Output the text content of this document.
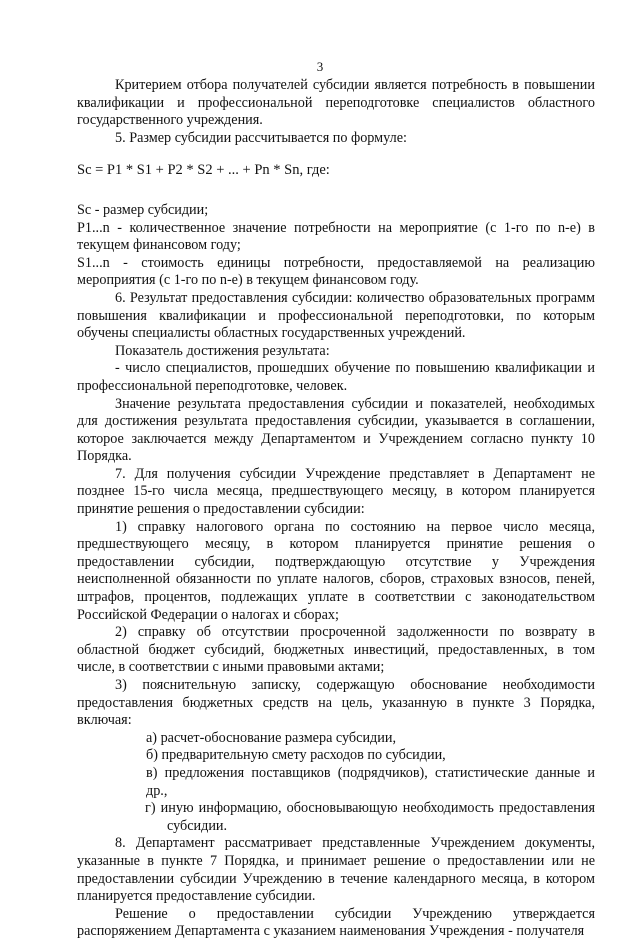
3

Критерием отбора получателей субсидии является потребность в повышении квалификации и профессиональной переподготовке специалистов областного государственного учреждения.

5. Размер субсидии рассчитывается по формуле:

Sc = P1 * S1 + P2 * S2 + ... + Pn * Sn, где:

Sc - размер субсидии;

P1...n - количественное значение потребности на мероприятие (с 1-го по n-е) в текущем финансовом году;

S1...n - стоимость единицы потребности, предоставляемой на реализацию мероприятия (с 1-го по n-е) в текущем финансовом году.

6. Результат предоставления субсидии: количество образовательных программ повышения квалификации и профессиональной переподготовки, по которым обучены специалисты областных государственных учреждений.

Показатель достижения результата:

- число специалистов, прошедших обучение по повышению квалификации и профессиональной переподготовке, человек.

Значение результата предоставления субсидии и показателей, необходимых для достижения результата предоставления субсидии, указывается в соглашении, которое заключается между Департаментом и Учреждением согласно пункту 10 Порядка.

7. Для получения субсидии Учреждение представляет в Департамент не позднее 15-го числа месяца, предшествующего месяцу, в котором планируется принятие решения о предоставлении субсидии:

1) справку налогового органа по состоянию на первое число месяца, предшествующего месяцу, в котором планируется принятие решения о предоставлении субсидии, подтверждающую отсутствие у Учреждения неисполненной обязанности по уплате налогов, сборов, страховых взносов, пеней, штрафов, процентов, подлежащих уплате в соответствии с законодательством Российской Федерации о налогах и сборах;

2) справку об отсутствии просроченной задолженности по возврату в областной бюджет субсидий, бюджетных инвестиций, предоставленных, в том числе, в соответствии с иными правовыми актами;

3) пояснительную записку, содержащую обоснование необходимости предоставления бюджетных средств на цель, указанную в пункте 3 Порядка, включая:

а) расчет-обоснование размера субсидии,

б) предварительную смету расходов по субсидии,

в) предложения поставщиков (подрядчиков), статистические данные и др.,

г) иную информацию, обосновывающую необходимость предоставления субсидии.

8. Департамент рассматривает представленные Учреждением документы, указанные в пункте 7 Порядка, и принимает решение о предоставлении или не предоставлении субсидии Учреждению в течение календарного месяца, в котором планируется предоставление субсидии.

Решение о предоставлении субсидии Учреждению утверждается распоряжением Департамента с указанием наименования Учреждения - получателя
